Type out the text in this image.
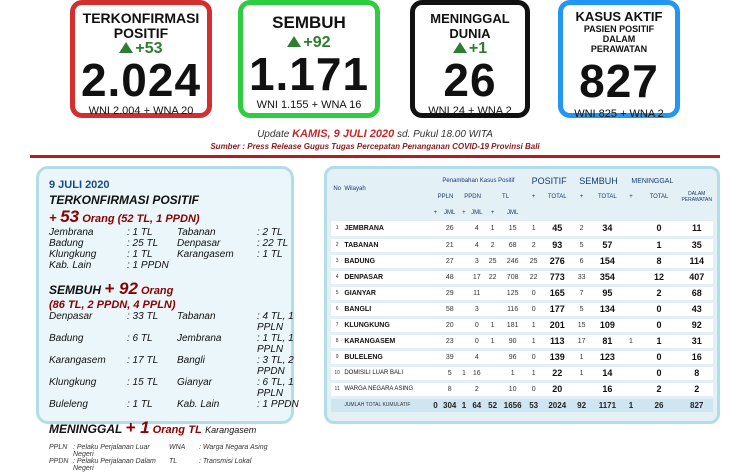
TERKONFIRMASI
POSITIF
+53
2.024
WNI 2.004 + WNA 20
SEMBUH
+92
1.171
WNI 1.155 + WNA 16
MENINGGAL
DUNIA
+1
26
WNI 24 + WNA 2
KASUS AKTIF
PASIEN POSITIF DALAM PERAWATAN
827
WNI 825 + WNA 2
Update KAMIS, 9 JULI 2020 sd. Pukul 18.00 WITA
Sumber : Press Release Gugus Tugas Percepatan Penanganan COVID-19 Provinsi Bali
9 JULI 2020
TERKONFIRMASI POSITIF
+ 53 Orang (52 TL, 1 PPDN)
Jembrana	: 1 TL	Tabanan	: 2 TL
Badung	: 25 TL	Denpasar	: 22 TL
Klungkung	: 1 TL	Karangasem	: 1 TL
Kab. Lain	: 1 PPDN
SEMBUH + 92 Orang
(86 TL, 2 PPDN, 4 PPLN)
Denpasar	: 33 TL	Tabanan	: 4 TL, 1 PPLN
Badung	: 6 TL	Jembrana	: 1 TL, 1 PPLN
Karangasem	: 17 TL	Bangli	: 3 TL, 2 PPDN
Klungkung	: 15 TL	Gianyar	: 6 TL, 1 PPLN
Buleleng	: 1 TL	Kab. Lain	: 1 PPDN
MENINGGAL + 1 Orang TL Karangasem
PPLN : Pelaku Perjalanan Luar Negeri
WNA	: Warga Negara Asing
PPDN : Pelaku Perjalanan Dalam Negeri
TL	: Transmisi Lokal
No	Wilayah	Penambahan Kasus Positif						POSITIF		SEMBUH		MENINGGAL		DALAM PERAWATAN
		PPLN		PPDN		TL		+	TOTAL	+	TOTAL	+	TOTAL	
		+	JML	+	JML	+	JML							
1	JEMBRANA		26		4	1	15	1	45	2	34		0	11
2	TABANAN		21		4	2	68	2	93	5	57		1	35
3	BADUNG		27		3	25	246	25	276	6	154		8	114
4	DENPASAR		48		17	22	708	22	773	33	354		12	407
5	GIANYAR		29		11		125	0	165	7	95		2	68
6	BANGLI		58		3		116	0	177	5	134		0	43
7	KLUNGKUNG		20		0	1	181	1	201	15	109		0	92
8	KARANGASEM		23		0	1	90	1	113	17	81	1	1	31
9	BULELENG		39		4		96	0	139	1	123		0	16
10	DOMISILI LUAR BALI		5	1	16		1	1	22	1	14		0	8
11	WARGA NEGARA ASING		8		2		10	0	20		16		2	2
	JUMLAH TOTAL KUMULATIF	0	304	1	64	52	1656	53	2024	92	1171	1	26	827
